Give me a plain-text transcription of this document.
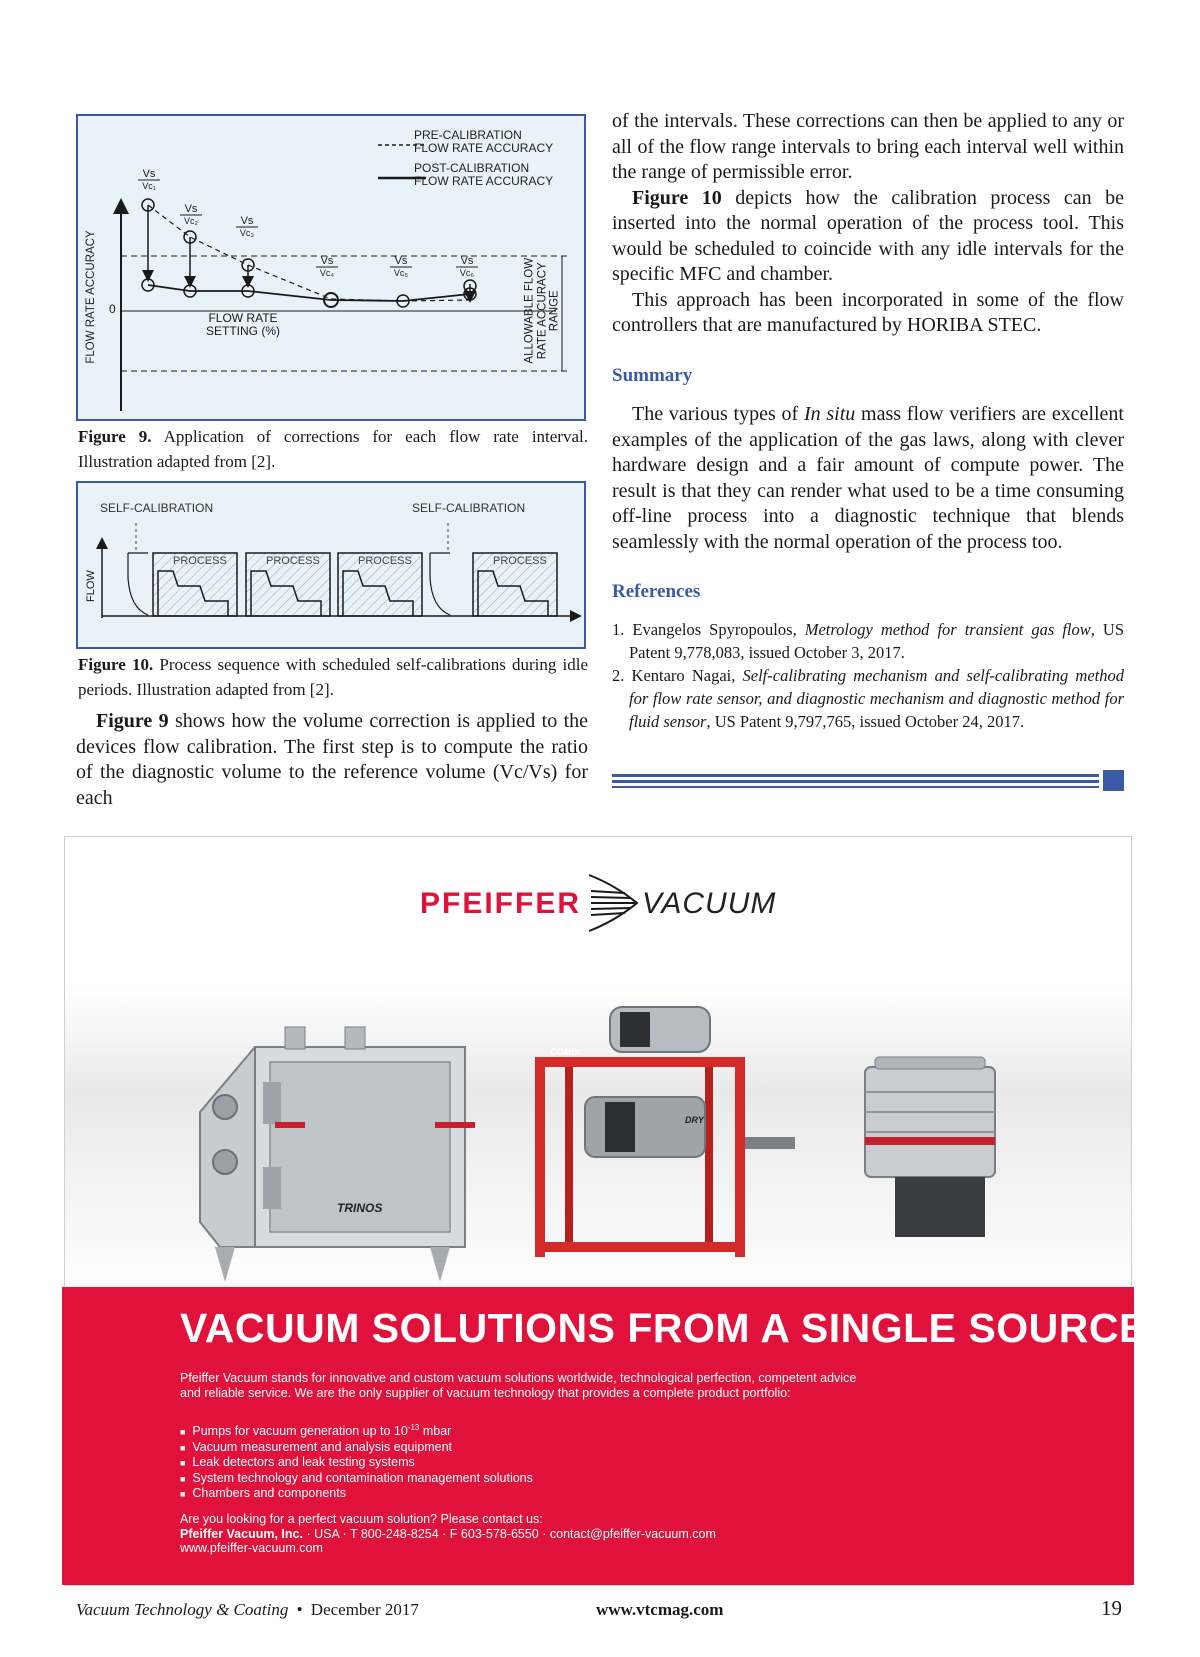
PRE-CALIBRATION
FLOW RATE ACCURACY
POST-CALIBRATION
FLOW RATE ACCURACY
Vs
Vc₁
Vs
Vc₂	Vs
Vc₃
Vs
Vc₄
Vs
Vc₅
Vs
Vc₆
FLOW RATE ACCURACY 0
FLOW RATE
SETTING (%)	ALLOWABLE FLOW RATE ACCURACY RANGE
Figure 9. Application of corrections for each flow rate interval. Illustration adapted from [2].
SELF-CALIBRATION	SELF-CALIBRATION
PROCESS	PROCESS	PROCESS	PROCESS
FLOW
Figure 10. Process sequence with scheduled self-calibrations during idle periods. Illustration adapted from [2].

Figure 9 shows how the volume correction is applied to the devices flow calibration. The first step is to compute the ratio of the diagnostic volume to the reference volume (Vc/Vs) for each

of the intervals. These corrections can then be applied to any or all of the flow range intervals to bring each interval well within the range of permissible error.

Figure 10 depicts how the calibration process can be inserted into the normal operation of the process tool. This would be scheduled to coincide with any idle intervals for the specific MFC and chamber.

This approach has been incorporated in some of the flow controllers that are manufactured by HORIBA STEC.

Summary

The various types of In situ mass flow verifiers are excellent examples of the application of the gas laws, along with clever hardware design and a fair amount of compute power. The result is that they can render what used to be a time consuming off-line process into a diagnostic technique that blends seamlessly with the normal operation of the process too.

References

1. Evangelos Spyropoulos, Metrology method for transient gas flow, US Patent 9,778,083, issued October 3, 2017.

2. Kentaro Nagai, Self-calibrating mechanism and self-calibrating method for flow rate sensor, and diagnostic mechanism and diagnostic method for fluid sensor, US Patent 9,797,765, issued October 24, 2017.

PFEIFFER VACUUM
TRINOS
COMBI
DRY
VACUUM SOLUTIONS FROM A SINGLE SOURCE
Pfeiffer Vacuum stands for innovative and custom vacuum solutions worldwide, technological perfection, competent advice and reliable service. We are the only supplier of vacuum technology that provides a complete product portfolio:
■ Pumps for vacuum generation up to $10^{-13}$ mbar
■ Vacuum measurement and analysis equipment
■ Leak detectors and leak testing systems
■ System technology and contamination management solutions
■ Chambers and components
Are you looking for a perfect vacuum solution? Please contact us:
Pfeiffer Vacuum, Inc. · USA · T 800-248-8254 · F 603-578-6550 · contact@pfeiffer-vacuum.com
www.pfeiffer-vacuum.com
Vacuum Technology & Coating • December 2017	www.vtcmag.com	19
